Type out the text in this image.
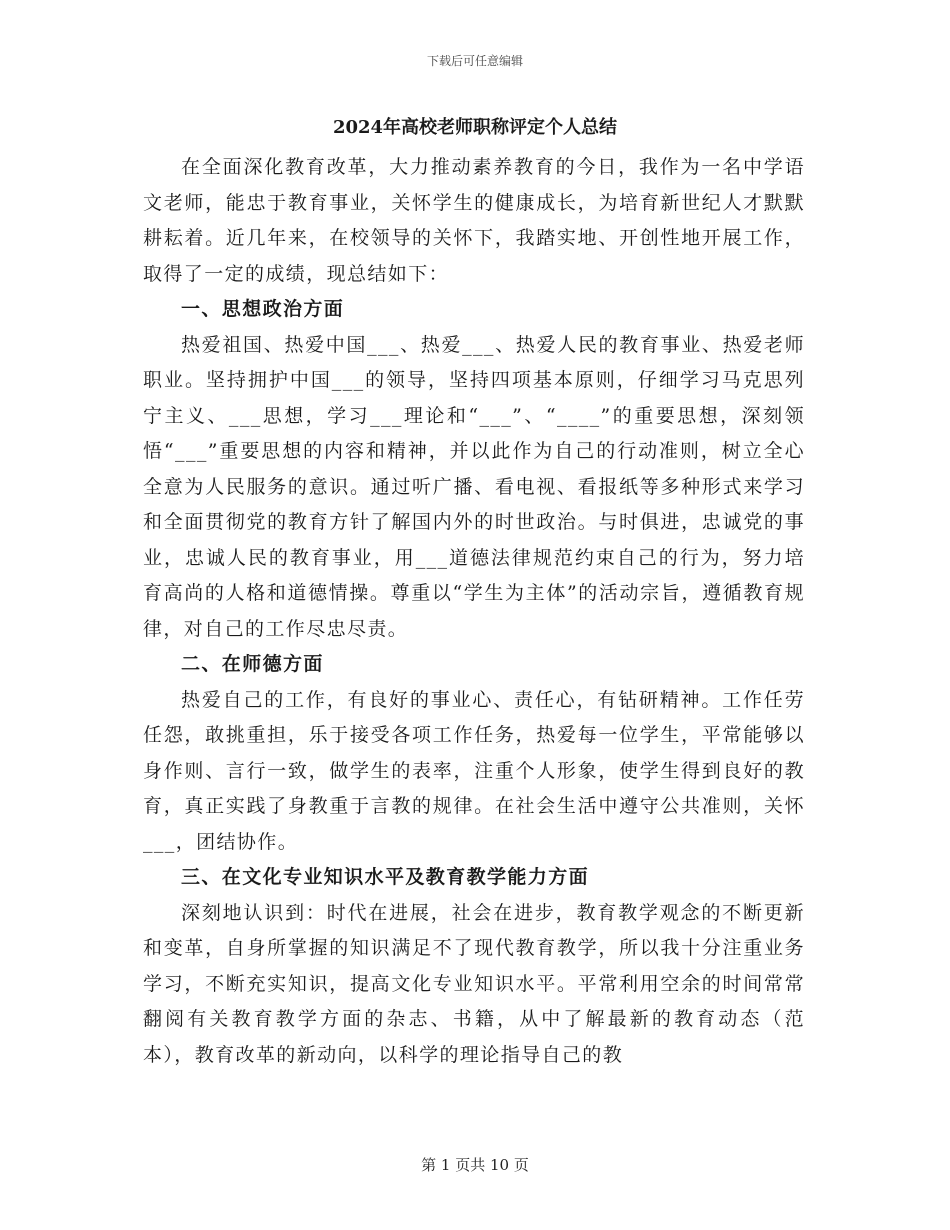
下载后可任意编辑
2024年高校老师职称评定个人总结

在全面深化教育改革，大力推动素养教育的今日，我作为一名中学语文老师，能忠于教育事业，关怀学生的健康成长，为培育新世纪人才默默耕耘着。近几年来，在校领导的关怀下，我踏实地、开创性地开展工作，取得了一定的成绩，现总结如下：

一、思想政治方面

热爱祖国、热爱中国___、热爱___、热爱人民的教育事业、热爱老师职业。坚持拥护中国___的领导，坚持四项基本原则，仔细学习马克思列宁主义、___思想，学习___理论和“___”、“____”的重要思想，深刻领悟“___”重要思想的内容和精神，并以此作为自己的行动准则，树立全心全意为人民服务的意识。通过听广播、看电视、看报纸等多种形式来学习和全面贯彻党的教育方针了解国内外的时世政治。与时俱进，忠诚党的事业，忠诚人民的教育事业，用___道德法律规范约束自己的行为，努力培育高尚的人格和道德情操。尊重以“学生为主体”的活动宗旨，遵循教育规律，对自己的工作尽忠尽责。

二、在师德方面

热爱自己的工作，有良好的事业心、责任心，有钻研精神。工作任劳任怨，敢挑重担，乐于接受各项工作任务，热爱每一位学生，平常能够以身作则、言行一致，做学生的表率，注重个人形象，使学生得到良好的教育，真正实践了身教重于言教的规律。在社会生活中遵守公共准则，关怀___，团结协作。

三、在文化专业知识水平及教育教学能力方面

深刻地认识到：时代在进展，社会在进步，教育教学观念的不断更新和变革，自身所掌握的知识满足不了现代教育教学，所以我十分注重业务学习，不断充实知识，提高文化专业知识水平。平常利用空余的时间常常翻阅有关教育教学方面的杂志、书籍，从中了解最新的教育动态（范本），教育改革的新动向，以科学的理论指导自己的教

第 1 页共 10 页
